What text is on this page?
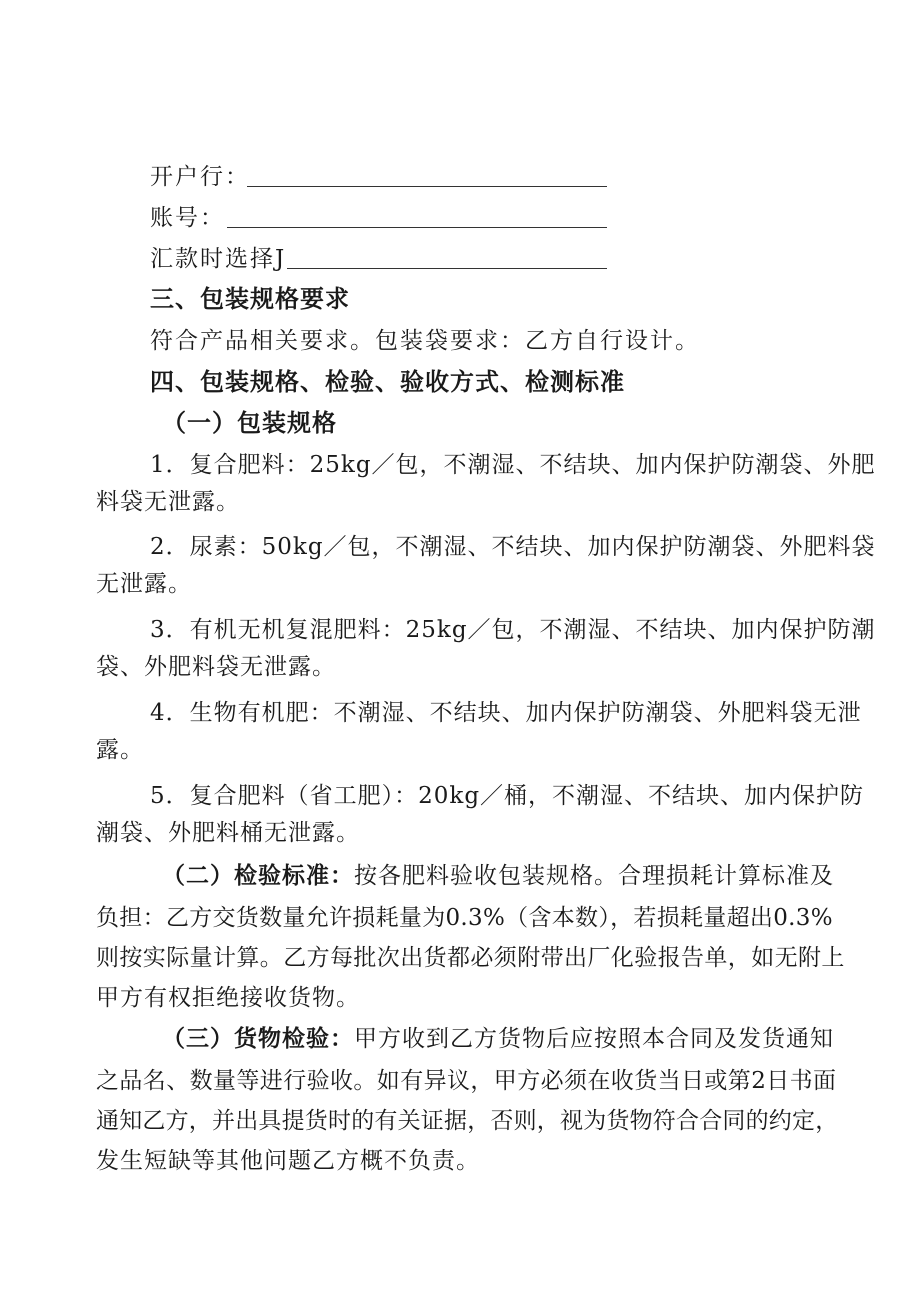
开户行：
账号：
汇款时选择J
三、包装规格要求
符合产品相关要求。包装袋要求：乙方自行设计。
四、包装规格、检验、验收方式、检测标准
（一）包装规格
1．复合肥料：25kg／包，不潮湿、不结块、加内保护防潮袋、外肥
料袋无泄露。
2．尿素：50kg／包，不潮湿、不结块、加内保护防潮袋、外肥料袋
无泄露。
3．有机无机复混肥料：25kg／包，不潮湿、不结块、加内保护防潮
袋、外肥料袋无泄露。
4．生物有机肥：不潮湿、不结块、加内保护防潮袋、外肥料袋无泄
露。
5．复合肥料（省工肥）：20kg／桶，不潮湿、不结块、加内保护防
潮袋、外肥料桶无泄露。
（二）检验标准：按各肥料验收包装规格。合理损耗计算标准及
负担：乙方交货数量允许损耗量为0.3%（含本数），若损耗量超出0.3%
则按实际量计算。乙方每批次出货都必须附带出厂化验报告单，如无附上
甲方有权拒绝接收货物。
（三）货物检验：甲方收到乙方货物后应按照本合同及发货通知
之品名、数量等进行验收。如有异议，甲方必须在收货当日或第2日书面
通知乙方，并出具提货时的有关证据，否则，视为货物符合合同的约定，
发生短缺等其他问题乙方概不负责。
